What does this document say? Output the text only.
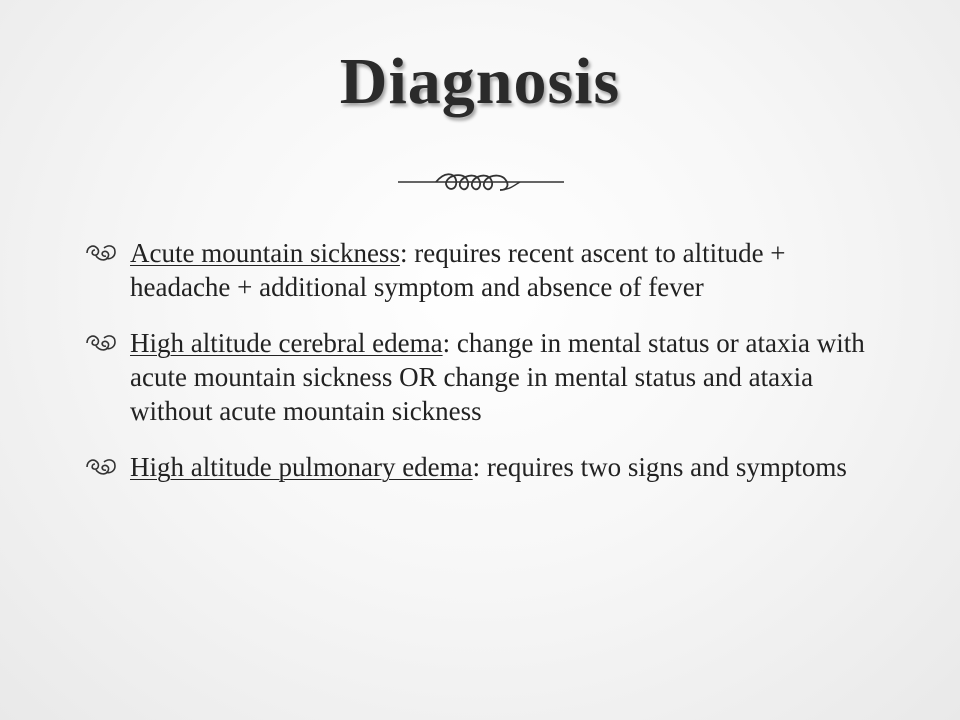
Diagnosis
Acute mountain sickness: requires recent ascent to altitude + headache + additional symptom and absence of fever
High altitude cerebral edema: change in mental status or ataxia with acute mountain sickness OR change in mental status and ataxia without acute mountain sickness
High altitude pulmonary edema: requires two signs and symptoms
